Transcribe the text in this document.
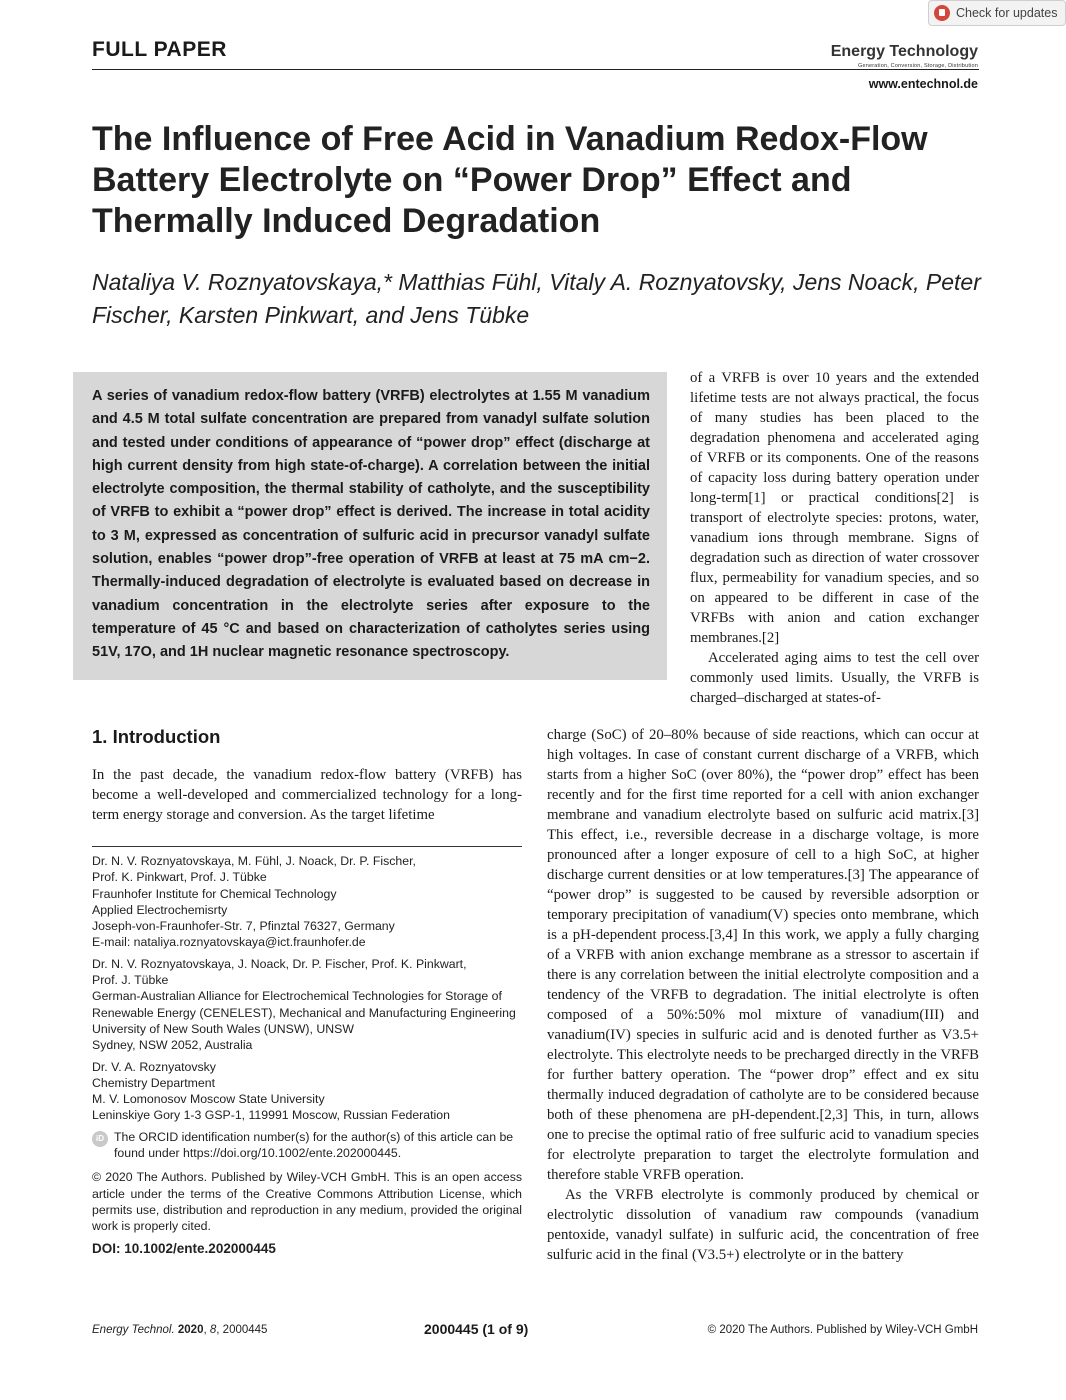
Check for updates
FULL PAPER	Energy Technology
Generation, Conversion, Storage, Distribution
www.entechnol.de
The Influence of Free Acid in Vanadium Redox-Flow Battery Electrolyte on “Power Drop” Effect and Thermally Induced Degradation
Nataliya V. Roznyatovskaya,* Matthias Fühl, Vitaly A. Roznyatovsky, Jens Noack, Peter Fischer, Karsten Pinkwart, and Jens Tübke
A series of vanadium redox-flow battery (VRFB) electrolytes at 1.55 M vanadium and 4.5 M total sulfate concentration are prepared from vanadyl sulfate solution and tested under conditions of appearance of “power drop” effect (discharge at high current density from high state-of-charge). A correlation between the initial electrolyte composition, the thermal stability of catholyte, and the susceptibility of VRFB to exhibit a “power drop” effect is derived. The increase in total acidity to 3 M, expressed as concentration of sulfuric acid in precursor vanadyl sulfate solution, enables “power drop”-free operation of VRFB at least at 75 mA cm−2. Thermally-induced degradation of electrolyte is evaluated based on decrease in vanadium concentration in the electrolyte series after exposure to the temperature of 45 °C and based on characterization of catholytes series using 51V, 17O, and 1H nuclear magnetic resonance spectroscopy.

of a VRFB is over 10 years and the extended lifetime tests are not always practical, the focus of many studies has been placed to the degradation phenomena and accelerated aging of VRFB or its components. One of the reasons of capacity loss during battery operation under long-term[1] or practical conditions[2] is transport of electrolyte species: protons, water, vanadium ions through membrane. Signs of degradation such as direction of water crossover flux, permeability for vanadium species, and so on appeared to be different in case of the VRFBs with anion and cation exchanger membranes.[2]

Accelerated aging aims to test the cell over commonly used limits. Usually, the VRFB is charged–discharged at states-of-

1. Introduction
In the past decade, the vanadium redox-flow battery (VRFB) has become a well-developed and commercialized technology for a long-term energy storage and conversion. As the target lifetime

charge (SoC) of 20–80% because of side reactions, which can occur at high voltages. In case of constant current discharge of a VRFB, which starts from a higher SoC (over 80%), the “power drop” effect has been recently and for the first time reported for a cell with anion exchanger membrane and vanadium electrolyte based on sulfuric acid matrix.[3] This effect, i.e., reversible decrease in a discharge voltage, is more pronounced after a longer exposure of cell to a high SoC, at higher discharge current densities or at low temperatures.[3] The appearance of “power drop” is suggested to be caused by reversible adsorption or temporary precipitation of vanadium(V) species onto membrane, which is a pH-dependent process.[3,4] In this work, we apply a fully charging of a VRFB with anion exchange membrane as a stressor to ascertain if there is any correlation between the initial electrolyte composition and a tendency of the VRFB to degradation. The initial electrolyte is often composed of a 50%:50% mol mixture of vanadium(III) and vanadium(IV) species in sulfuric acid and is denoted further as V3.5+ electrolyte. This electrolyte needs to be precharged directly in the VRFB for further battery operation. The “power drop” effect and ex situ thermally induced degradation of catholyte are to be considered because both of these phenomena are pH-dependent.[2,3] This, in turn, allows one to precise the optimal ratio of free sulfuric acid to vanadium species for electrolyte preparation to target the electrolyte formulation and therefore stable VRFB operation.

As the VRFB electrolyte is commonly produced by chemical or electrolytic dissolution of vanadium raw compounds (vanadium pentoxide, vanadyl sulfate) in sulfuric acid, the concentration of free sulfuric acid in the final (V3.5+) electrolyte or in the battery

Dr. N. V. Roznyatovskaya, M. Fühl, J. Noack, Dr. P. Fischer,
Prof. K. Pinkwart, Prof. J. Tübke
Fraunhofer Institute for Chemical Technology
Applied Electrochemisrty
Joseph-von-Fraunhofer-Str. 7, Pfinztal 76327, Germany
E-mail: nataliya.roznyatovskaya@ict.fraunhofer.de
Dr. N. V. Roznyatovskaya, J. Noack, Dr. P. Fischer, Prof. K. Pinkwart,
Prof. J. Tübke
German-Australian Alliance for Electrochemical Technologies for Storage of Renewable Energy (CENELEST), Mechanical and Manufacturing Engineering
University of New South Wales (UNSW), UNSW
Sydney, NSW 2052, Australia
Dr. V. A. Roznyatovsky
Chemistry Department
M. V. Lomonosov Moscow State University
Leninskiye Gory 1-3 GSP-1, 119991 Moscow, Russian Federation
iD The ORCID identification number(s) for the author(s) of this article can be found under https://doi.org/10.1002/ente.202000445.
© 2020 The Authors. Published by Wiley-VCH GmbH. This is an open access article under the terms of the Creative Commons Attribution License, which permits use, distribution and reproduction in any medium, provided the original work is properly cited.
DOI: 10.1002/ente.202000445
Energy Technol. 2020, 8, 2000445	2000445 (1 of 9)	© 2020 The Authors. Published by Wiley-VCH GmbH
